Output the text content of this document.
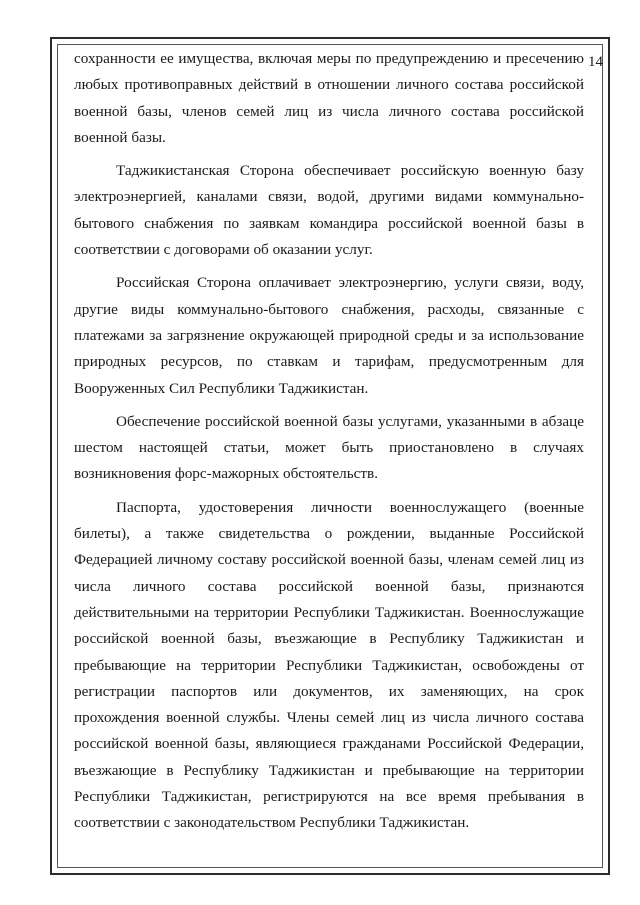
14

сохранности ее имущества, включая меры по предупреждению и пресечению
любых противоправных действий в отношении личного состава российской
военной базы, членов семей лиц из числа личного состава российской
военной базы.

Таджикистанская Сторона обеспечивает российскую военную базу
электроэнергией, каналами связи, водой, другими видами коммунально-
бытового снабжения по заявкам командира российской военной базы в
соответствии с договорами об оказании услуг.

Российская Сторона оплачивает электроэнергию, услуги связи, воду,
другие виды коммунально-бытового снабжения, расходы, связанные с
платежами за загрязнение окружающей природной среды и за использование
природных ресурсов, по ставкам и тарифам, предусмотренным для
Вооруженных Сил Республики Таджикистан.

Обеспечение российской военной базы услугами, указанными в абзаце
шестом настоящей статьи, может быть приостановлено в случаях
возникновения форс-мажорных обстоятельств.

Паспорта, удостоверения личности военнослужащего (военные
билеты), а также свидетельства о рождении, выданные Российской
Федерацией личному составу российской военной базы, членам семей лиц из
числа личного состава российской военной базы, признаются
действительными на территории Республики Таджикистан. Военнослужащие
российской военной базы, въезжающие в Республику Таджикистан и
пребывающие на территории Республики Таджикистан, освобождены от
регистрации паспортов или документов, их заменяющих, на срок
прохождения военной службы. Члены семей лиц из числа личного состава
российской военной базы, являющиеся гражданами Российской Федерации,
въезжающие в Республику Таджикистан и пребывающие на территории
Республики Таджикистан, регистрируются на все время пребывания в
соответствии с законодательством Республики Таджикистан.
